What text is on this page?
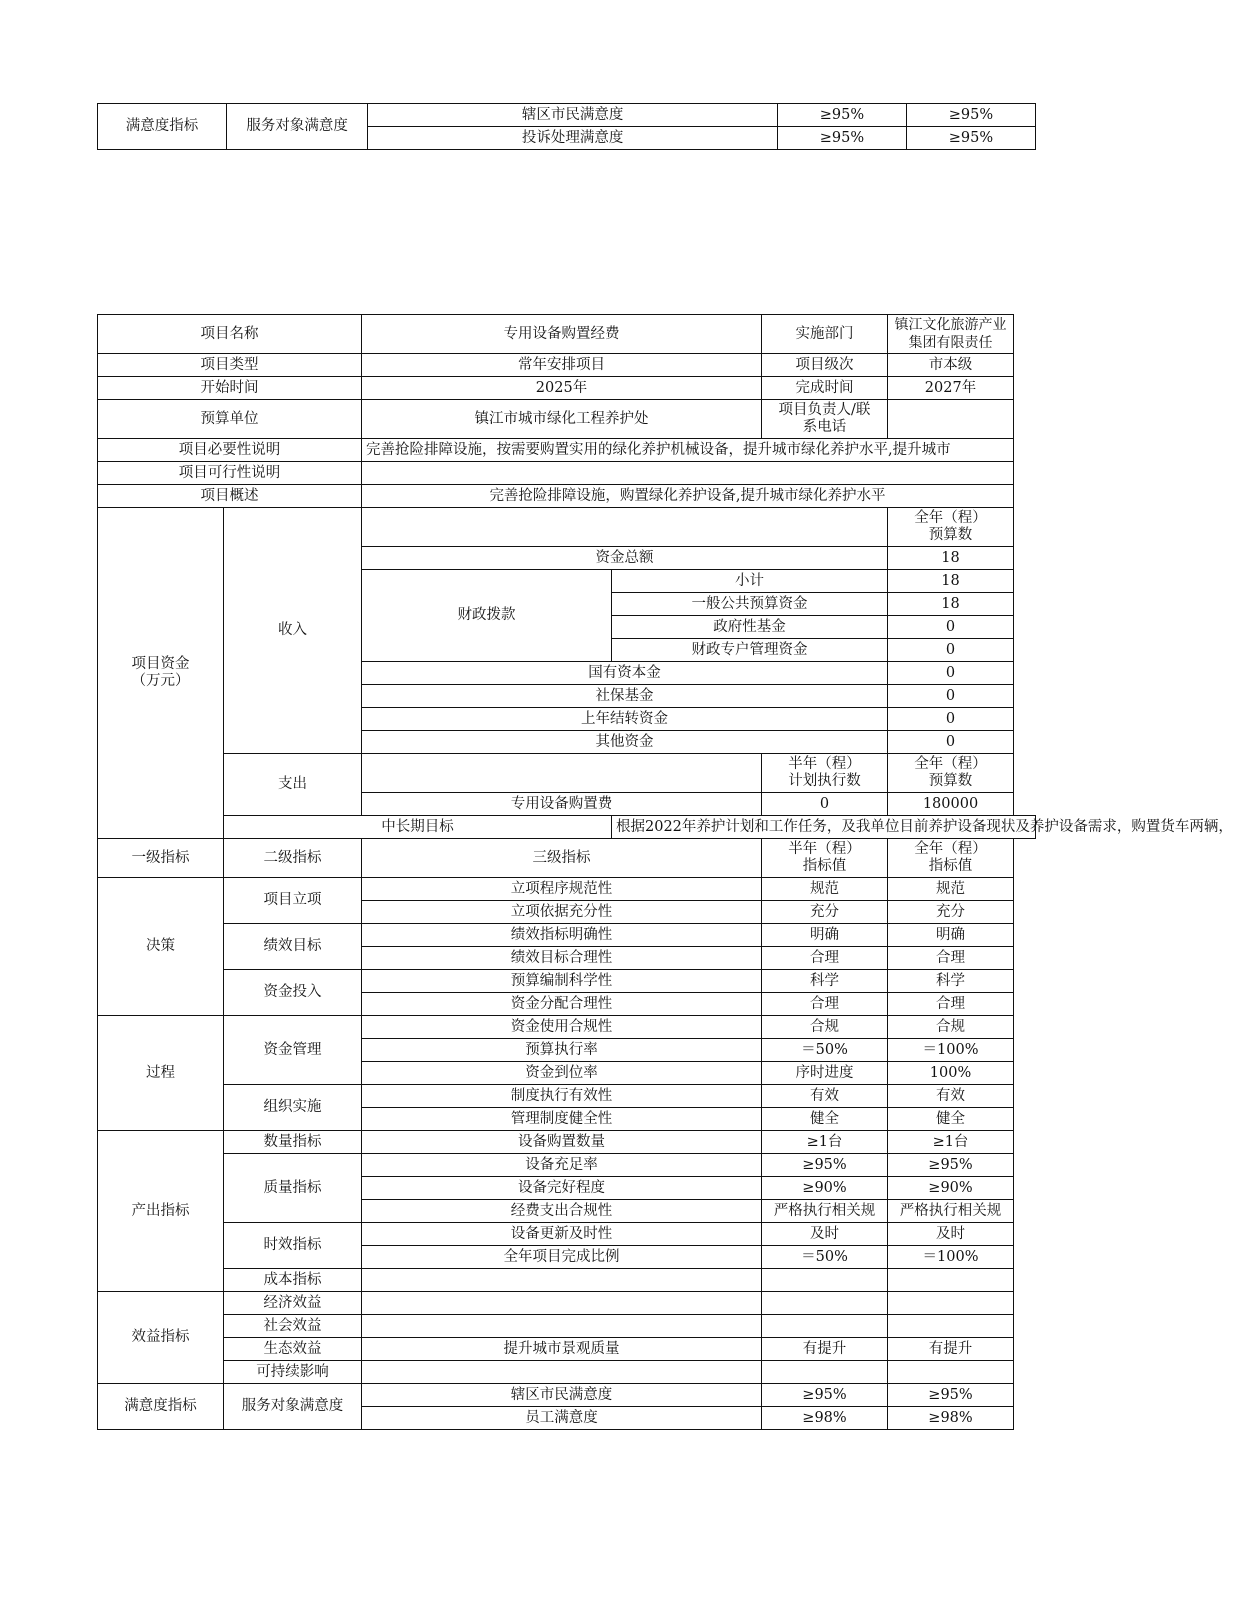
满意度指标	服务对象满意度	辖区市民满意度	≥95%	≥95%
		投诉处理满意度	≥95%	≥95%
项目名称		专用设备购置经费		实施部门	镇江文化旅游产业集团有限责任
项目类型		常年安排项目		项目级次	市本级
开始时间		2025年		完成时间	2027年
预算单位		镇江市城市绿化工程养护处		项目负责人/联系电话	
项目必要性说明		完善抢险排障设施，按需要购置实用的绿化养护机械设备，提升城市绿化养护水平,提升城市			
项目可行性说明					
项目概述		完善抢险排障设施，购置绿化养护设备,提升城市绿化养护水平			
项目资金（万元）	收入				全年（程）预算数
		资金总额			18
		财政拨款	小计		18
			一般公共预算资金		18
			政府性基金		0
			财政专户管理资金		0
		国有资本金			0
		社保基金			0
		上年结转资金			0
		其他资金			0
	支出			半年（程）计划执行数	全年（程）预算数
		专用设备购置费		0	180000
	中长期目标		根据2022年养护计划和工作任务，及我单位目前养护设备现状及养护设备需求，购置货车两辆，		
一级指标	二级指标	三级指标		半年（程）指标值	全年（程）指标值
决策	项目立项	立项程序规范性		规范	规范
		立项依据充分性		充分	充分
	绩效目标	绩效指标明确性		明确	明确
		绩效目标合理性		合理	合理
	资金投入	预算编制科学性		科学	科学
		资金分配合理性		合理	合理
过程	资金管理	资金使用合规性		合规	合规
		预算执行率		＝50%	＝100%
		资金到位率		序时进度	100%
	组织实施	制度执行有效性		有效	有效
		管理制度健全性		健全	健全
产出指标	数量指标	设备购置数量		≥1台	≥1台
	质量指标	设备充足率		≥95%	≥95%
		设备完好程度		≥90%	≥90%
		经费支出合规性		严格执行相关规	严格执行相关规
	时效指标	设备更新及时性		及时	及时
		全年项目完成比例		＝50%	＝100%
	成本指标				
效益指标	经济效益				
	社会效益				
	生态效益	提升城市景观质量		有提升	有提升
	可持续影响				
满意度指标	服务对象满意度	辖区市民满意度		≥95%	≥95%
		员工满意度		≥98%	≥98%
